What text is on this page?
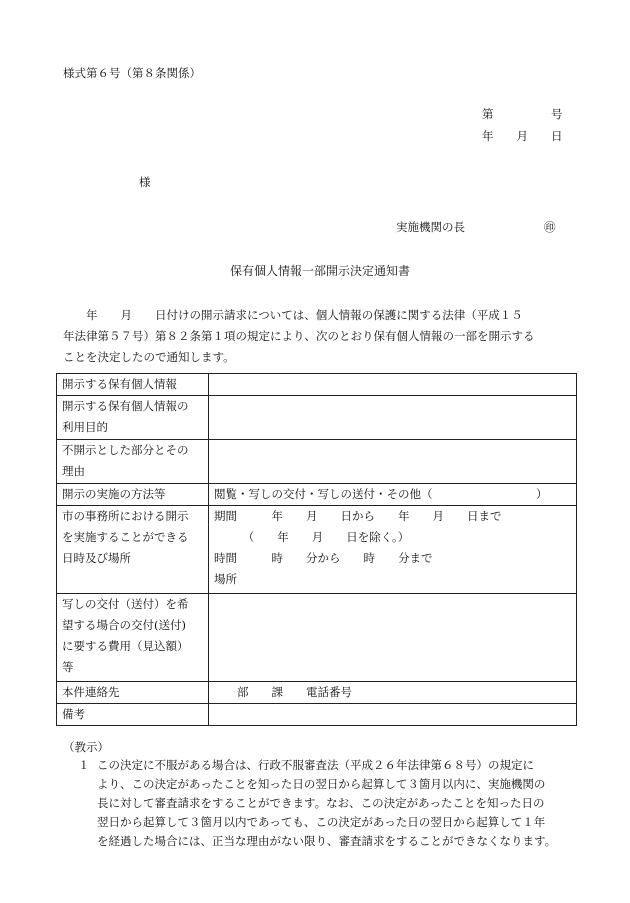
様式第６号（第８条関係）
第　　　　　号
年　　月　　日
様
実施機関の長	㊞
保有個人情報一部開示決定通知書
　　年　　月　　日付けの開示請求については、個人情報の保護に関する法律（平成１５
年法律第５７号）第８２条第１項の規定により、次のとおり保有個人情報の一部を開示する
ことを決定したので通知します。
開示する保有個人情報	

開示する保有個人情報の
利用目的	

不開示とした部分とその
理由	

開示の実施の方法等	閲覧・写しの交付・写しの送付・その他（　　　　　　　　　）

市の事務所における開示
を実施することができる
日時及び場所	期間　　　年　　月　　日から　　年　　月　　日まで
　　　（　　年　　月　　日を除く。）
時間　　　時　　分から　　時　　分まで
場所

写しの交付（送付）を希
望する場合の交付(送付)
に要する費用（見込額）
等	

本件連絡先	　　部　　課　　電話番号

備考	

（教示）
１ この決定に不服がある場合は、行政不服審査法（平成２６年法律第６８号）の規定に
より、この決定があったことを知った日の翌日から起算して３箇月以内に、実施機関の
長に対して審査請求をすることができます。なお、この決定があったことを知った日の
翌日から起算して３箇月以内であっても、この決定があった日の翌日から起算して１年
を経過した場合には、正当な理由がない限り、審査請求をすることができなくなります。
